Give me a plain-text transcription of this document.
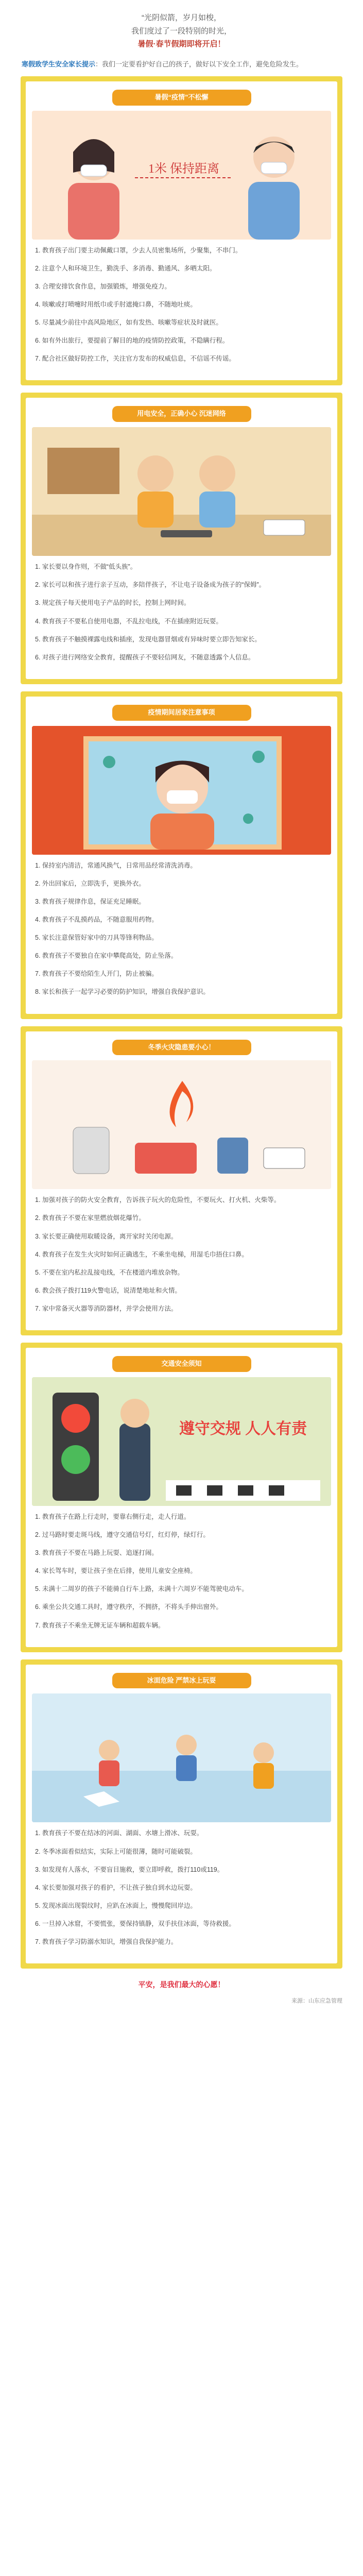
“光阴似箭，岁月如梭，

我们度过了一段特别的时光，

暑假·春节假期即将开启！

寒假致学生安全家长提示：我们一定要看护好自己的孩子，做好以下安全工作，避免危险发生。
暑假“疫情”不松懈
1米 保持距离

1. 教育孩子出门要主动佩戴口罩，少去人员密集场所，少聚集，不串门。

2. 注意个人和环境卫生，勤洗手、多消毒、勤通风、多晒太阳。

3. 合理安排饮食作息，加强锻炼，增强免疫力。

4. 咳嗽或打喷嚏时用纸巾或手肘遮掩口鼻，不随地吐痰。

5. 尽量减少前往中高风险地区，如有发热、咳嗽等症状及时就医。

6. 如有外出旅行，要提前了解目的地的疫情防控政策，不隐瞒行程。

7. 配合社区做好防控工作，关注官方发布的权威信息，不信谣不传谣。

用电安全，正确小心 沉迷网络

1. 家长要以身作则，不做“低头族”。

2. 家长可以和孩子进行亲子互动，多陪伴孩子，不让电子设备成为孩子的“保姆”。

3. 规定孩子每天使用电子产品的时长，控制上网时间。

4. 教育孩子不要私自使用电器，不乱拉电线，不在插座附近玩耍。

5. 教育孩子不触摸裸露电线和插座，发现电器冒烟或有异味时要立即告知家长。

6. 对孩子进行网络安全教育，提醒孩子不要轻信网友，不随意透露个人信息。

疫情期间居家注意事项

1. 保持室内清洁，常通风换气，日常用品经常清洗消毒。

2. 外出回家后，立即洗手，更换外衣。

3. 教育孩子规律作息，保证充足睡眠。

4. 教育孩子不乱摸药品，不随意服用药物。

5. 家长注意保管好家中的刀具等锋利物品。

6. 教育孩子不要独自在家中攀爬高处，防止坠落。

7. 教育孩子不要给陌生人开门，防止被骗。

8. 家长和孩子一起学习必要的防护知识，增强自我保护意识。

冬季火灾隐患要小心！

1. 加强对孩子的防火安全教育，告诉孩子玩火的危险性，不要玩火、打火机、火柴等。

2. 教育孩子不要在家里燃放烟花爆竹。

3. 家长要正确使用取暖设备，离开家时关闭电源。

4. 教育孩子在发生火灾时如何正确逃生，不乘坐电梯，用湿毛巾捂住口鼻。

5. 不要在室内私拉乱接电线，不在楼道内堆放杂物。

6. 教会孩子拨打119火警电话，说清楚地址和火情。

7. 家中常备灭火器等消防器材，并学会使用方法。

交通安全须知
遵守交规 人人有责

1. 教育孩子在路上行走时，要靠右侧行走，走人行道。

2. 过马路时要走斑马线，遵守交通信号灯，红灯停，绿灯行。

3. 教育孩子不要在马路上玩耍、追逐打闹。

4. 家长驾车时，要让孩子坐在后排，使用儿童安全座椅。

5. 未满十二周岁的孩子不能骑自行车上路，未满十六周岁不能驾驶电动车。

6. 乘坐公共交通工具时，遵守秩序，不拥挤，不将头手伸出窗外。

7. 教育孩子不乘坐无牌无证车辆和超载车辆。

冰面危险 严禁冰上玩耍

1. 教育孩子不要在结冰的河面、湖面、水塘上滑冰、玩耍。

2. 冬季冰面看似结实，实际上可能很薄，随时可能破裂。

3. 如发现有人落水，不要盲目施救，要立即呼救，拨打110或119。

4. 家长要加强对孩子的看护，不让孩子独自到水边玩耍。

5. 发现冰面出现裂纹时，应趴在冰面上，慢慢爬回岸边。

6. 一旦掉入冰窟，不要慌张，要保持镇静，双手扶住冰面，等待救援。

7. 教育孩子学习防溺水知识，增强自我保护能力。

平安，是我们最大的心愿！
来源：山东应急管理
